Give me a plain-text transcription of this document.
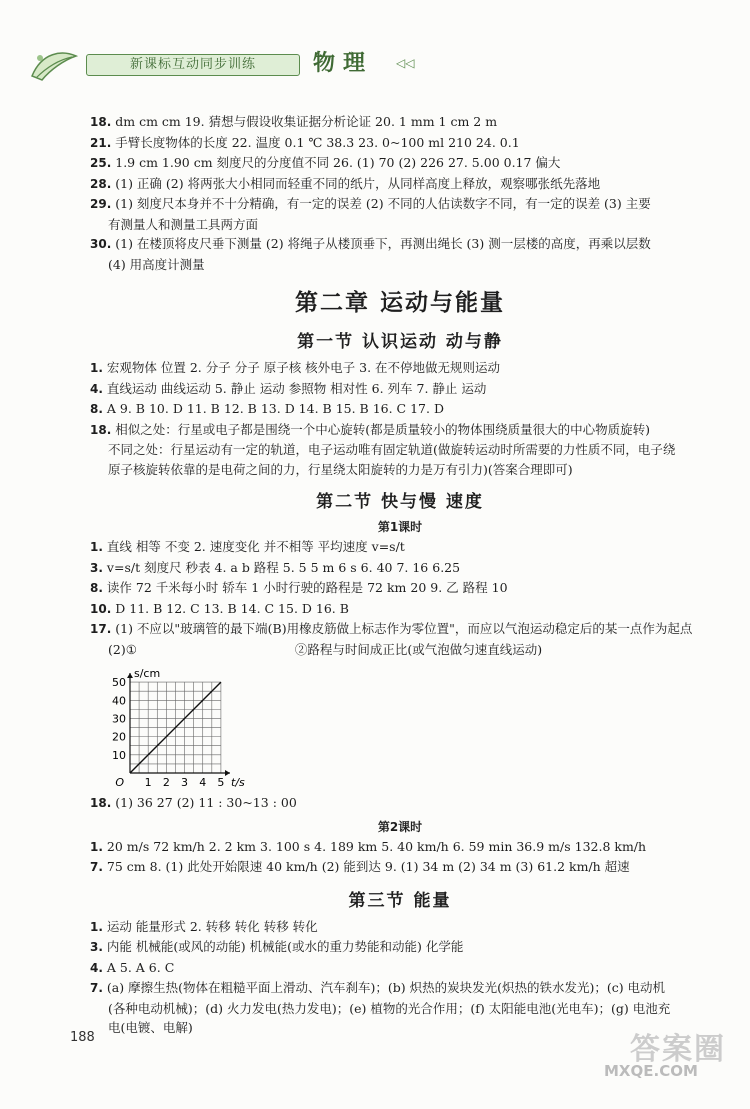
新课标互动同步训练	物理 ◁◁
18. dm cm cm 19. 猜想与假设收集证据分析论证 20. 1 mm 1 cm 2 m
21. 手臂长度物体的长度 22. 温度 0.1 ℃ 38.3 23. 0~100 ml 210 24. 0.1
25. 1.9 cm 1.90 cm 刻度尺的分度值不同 26. (1) 70 (2) 226 27. 5.00 0.17 偏大
28. (1) 正确 (2) 将两张大小相同而轻重不同的纸片，从同样高度上释放，观察哪张纸先落地
29. (1) 刻度尺本身并不十分精确，有一定的误差 (2) 不同的人估读数字不同，有一定的误差 (3) 主要
有测量人和测量工具两方面
30. (1) 在楼顶将皮尺垂下测量 (2) 将绳子从楼顶垂下，再测出绳长 (3) 测一层楼的高度，再乘以层数
(4) 用高度计测量
第二章 运动与能量
第一节 认识运动 动与静
1. 宏观物体 位置 2. 分子 分子 原子核 核外电子 3. 在不停地做无规则运动
4. 直线运动 曲线运动 5. 静止 运动 参照物 相对性 6. 列车 7. 静止 运动
8. A 9. B 10. D 11. B 12. B 13. D 14. B 15. B 16. C 17. D
18. 相似之处：行星或电子都是围绕一个中心旋转(都是质量较小的物体围绕质量很大的中心物质旋转)
不同之处：行星运动有一定的轨道，电子运动唯有固定轨道(做旋转运动时所需要的力性质不同，电子绕
原子核旋转依靠的是电荷之间的力，行星绕太阳旋转的力是万有引力)(答案合理即可)
第二节 快与慢 速度
第1课时
1. 直线 相等 不变 2. 速度变化 并不相等 平均速度 v=s/t
3. v=s/t 刻度尺 秒表 4. a b 路程 5. 5 5 m 6 s 6. 40 7. 16 6.25
8. 读作 72 千米每小时 轿车 1 小时行驶的路程是 72 km 20 9. 乙 路程 10
10. D 11. B 12. C 13. B 14. C 15. D 16. B
17. (1) 不应以"玻璃管的最下端(B)用橡皮筋做上标志作为零位置"，而应以气泡运动稳定后的某一点作为起点
(2)①	②路程与时间成正比(或气泡做匀速直线运动)
1 2 3 4 5
10
20
30
40
50
O
s/cm
t/s
18. (1) 36 27 (2) 11 : 30~13 : 00
第2课时
1. 20 m/s 72 km/h 2. 2 km 3. 100 s 4. 189 km 5. 40 km/h 6. 59 min 36.9 m/s 132.8 km/h
7. 75 cm 8. (1) 此处开始限速 40 km/h (2) 能到达 9. (1) 34 m (2) 34 m (3) 61.2 km/h 超速
第三节 能量
1. 运动 能量形式 2. 转移 转化 转移 转化
3. 内能 机械能(或风的动能) 机械能(或水的重力势能和动能) 化学能
4. A 5. A 6. C
7. (a) 摩擦生热(物体在粗糙平面上滑动、汽车刹车)；(b) 炽热的炭块发光(炽热的铁水发光)；(c) 电动机
(各种电动机械)；(d) 火力发电(热力发电)；(e) 植物的光合作用；(f) 太阳能电池(光电车)；(g) 电池充
电(电镀、电解)
188	答案圈
MXQE.COM
